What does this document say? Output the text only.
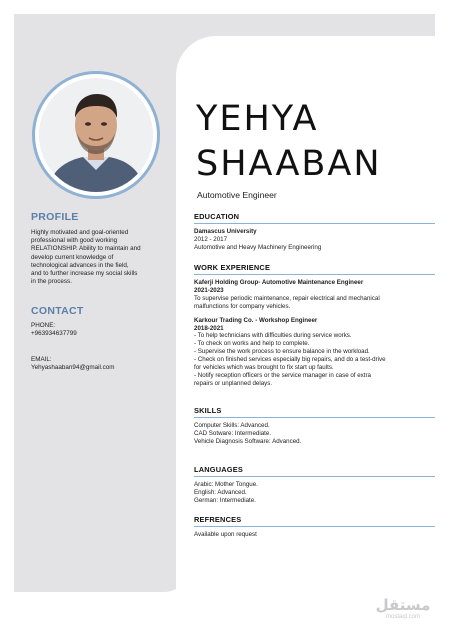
PROFILE
Highly motivated and goal-oriented
professional with good working
RELATIONSHIP. Ability to maintain and
develop current knowledge of
technological advances in the field,
and to further increase my social skills
in the process.
CONTACT
PHONE:
+963934637799
EMAIL:
Yehyashaaban94@gmail.com
YEHYA
SHAABAN
Automotive Engineer
EDUCATION
Damascus University
2012 - 2017
Automotive and Heavy Machinery Engineering
WORK EXPERIENCE
Kaferji Holding Group- Automotive Maintenance Engineer
2021-2023
To supervise periodic maintenance, repair electrical and mechanical
malfunctions for company vehicles.
Karkour Trading Co. - Workshop Engineer
2018-2021
- To help technicians with difficulties during service works.
- To check on works and help to complete.
- Supervise the work process to ensure balance in the workload.
- Check on finished services especially big repairs, and do a test-drive
for vehicles which was brought to fix start up faults.
- Notify reception officers or the service manager in case of extra
repairs or unplanned delays.
SKILLS
Computer Skills: Advanced.
CAD Sotware: Intermediate.
Vehicle Diagnosis Software: Advanced.
LANGUAGES
Arabic: Mother Tongue.
English: Advanced.
German: Intermediate.
REFRENCES
Available upon request
مستقل
mostaql.com
